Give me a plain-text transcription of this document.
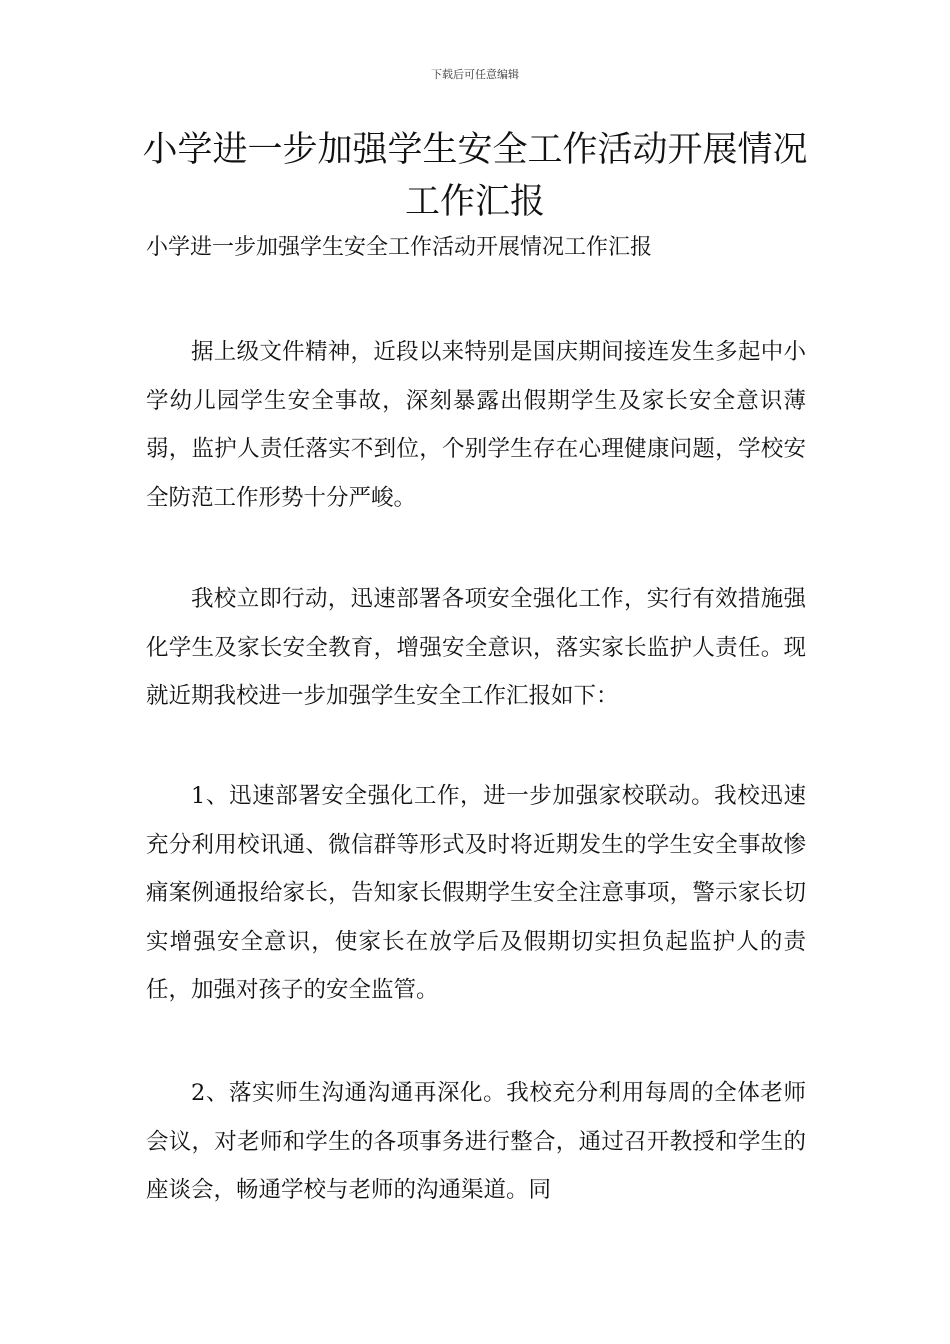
下载后可任意编辑
小学进一步加强学生安全工作活动开展情况工作汇报

小学进一步加强学生安全工作活动开展情况工作汇报

据上级文件精神，近段以来特别是国庆期间接连发生多起中小学幼儿园学生安全事故，深刻暴露出假期学生及家长安全意识薄弱，监护人责任落实不到位，个别学生存在心理健康问题，学校安全防范工作形势十分严峻。

我校立即行动，迅速部署各项安全强化工作，实行有效措施强化学生及家长安全教育，增强安全意识，落实家长监护人责任。现就近期我校进一步加强学生安全工作汇报如下：

1、迅速部署安全强化工作，进一步加强家校联动。我校迅速充分利用校讯通、微信群等形式及时将近期发生的学生安全事故惨痛案例通报给家长，告知家长假期学生安全注意事项，警示家长切实增强安全意识，使家长在放学后及假期切实担负起监护人的责任，加强对孩子的安全监管。

2、落实师生沟通沟通再深化。我校充分利用每周的全体老师会议，对老师和学生的各项事务进行整合，通过召开教授和学生的座谈会，畅通学校与老师的沟通渠道。同
